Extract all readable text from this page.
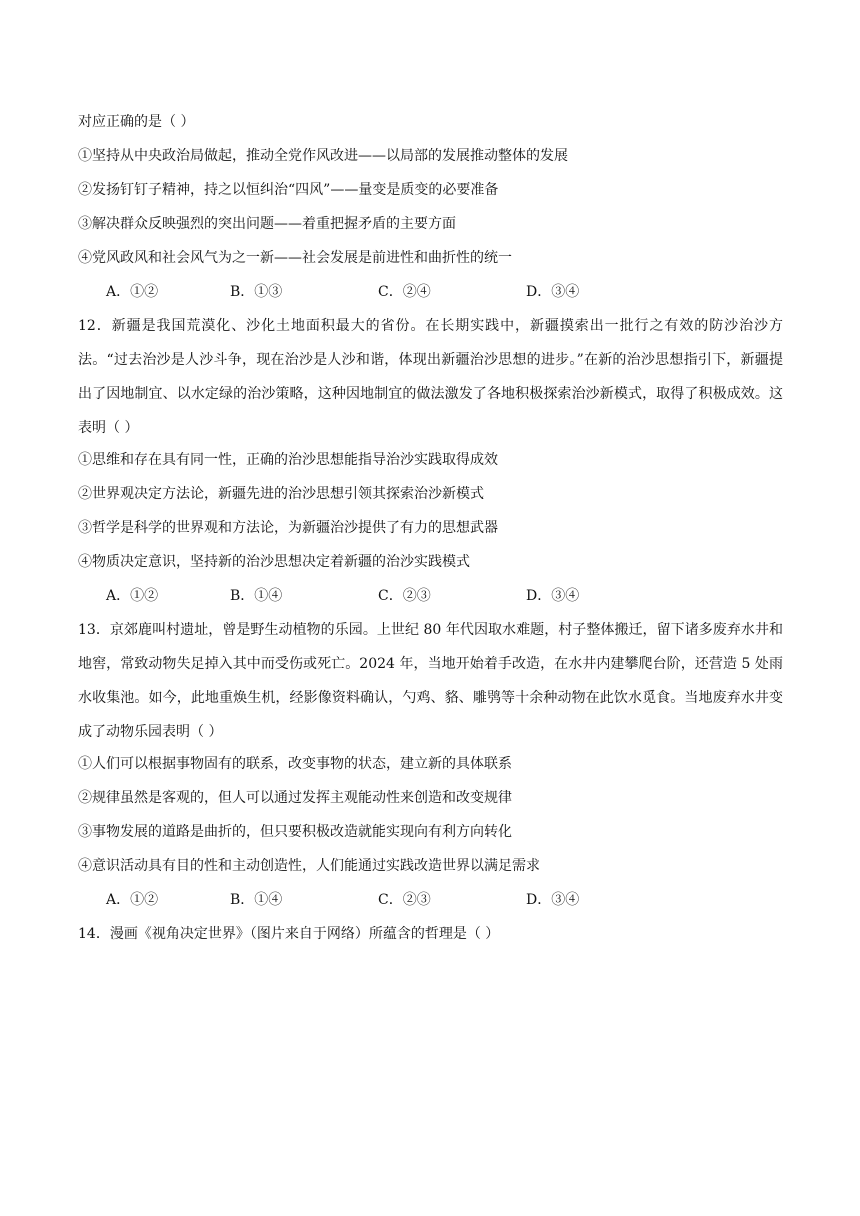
对应正确的是（ ）
①坚持从中央政治局做起，推动全党作风改进——以局部的发展推动整体的发展
②发扬钉钉子精神，持之以恒纠治“四风”——量变是质变的必要准备
③解决群众反映强烈的突出问题——着重把握矛盾的主要方面
④党风政风和社会风气为之一新——社会发展是前进性和曲折性的统一
A．①②	B．①③	C．②④	D．③④
12．新疆是我国荒漠化、沙化土地面积最大的省份。在长期实践中，新疆摸索出一批行之有效的防沙治沙方法。“过去治沙是人沙斗争，现在治沙是人沙和谐，体现出新疆治沙思想的进步。”在新的治沙思想指引下，新疆提出了因地制宜、以水定绿的治沙策略，这种因地制宜的做法激发了各地积极探索治沙新模式，取得了积极成效。这表明（ ）
①思维和存在具有同一性，正确的治沙思想能指导治沙实践取得成效
②世界观决定方法论，新疆先进的治沙思想引领其探索治沙新模式
③哲学是科学的世界观和方法论，为新疆治沙提供了有力的思想武器
④物质决定意识，坚持新的治沙思想决定着新疆的治沙实践模式
A．①②	B．①④	C．②③	D．③④
13．京郊鹿叫村遗址，曾是野生动植物的乐园。上世纪 80 年代因取水难题，村子整体搬迁，留下诸多废弃水井和地窖，常致动物失足掉入其中而受伤或死亡。2024 年，当地开始着手改造，在水井内建攀爬台阶，还营造 5 处雨水收集池。如今，此地重焕生机，经影像资料确认，勺鸡、貉、雕鸮等十余种动物在此饮水觅食。当地废弃水井变成了动物乐园表明（ ）
①人们可以根据事物固有的联系，改变事物的状态，建立新的具体联系
②规律虽然是客观的，但人可以通过发挥主观能动性来创造和改变规律
③事物发展的道路是曲折的，但只要积极改造就能实现向有利方向转化
④意识活动具有目的性和主动创造性，人们能通过实践改造世界以满足需求
A．①②	B．①④	C．②③	D．③④
14．漫画《视角决定世界》（图片来自于网络）所蕴含的哲理是（ ）
